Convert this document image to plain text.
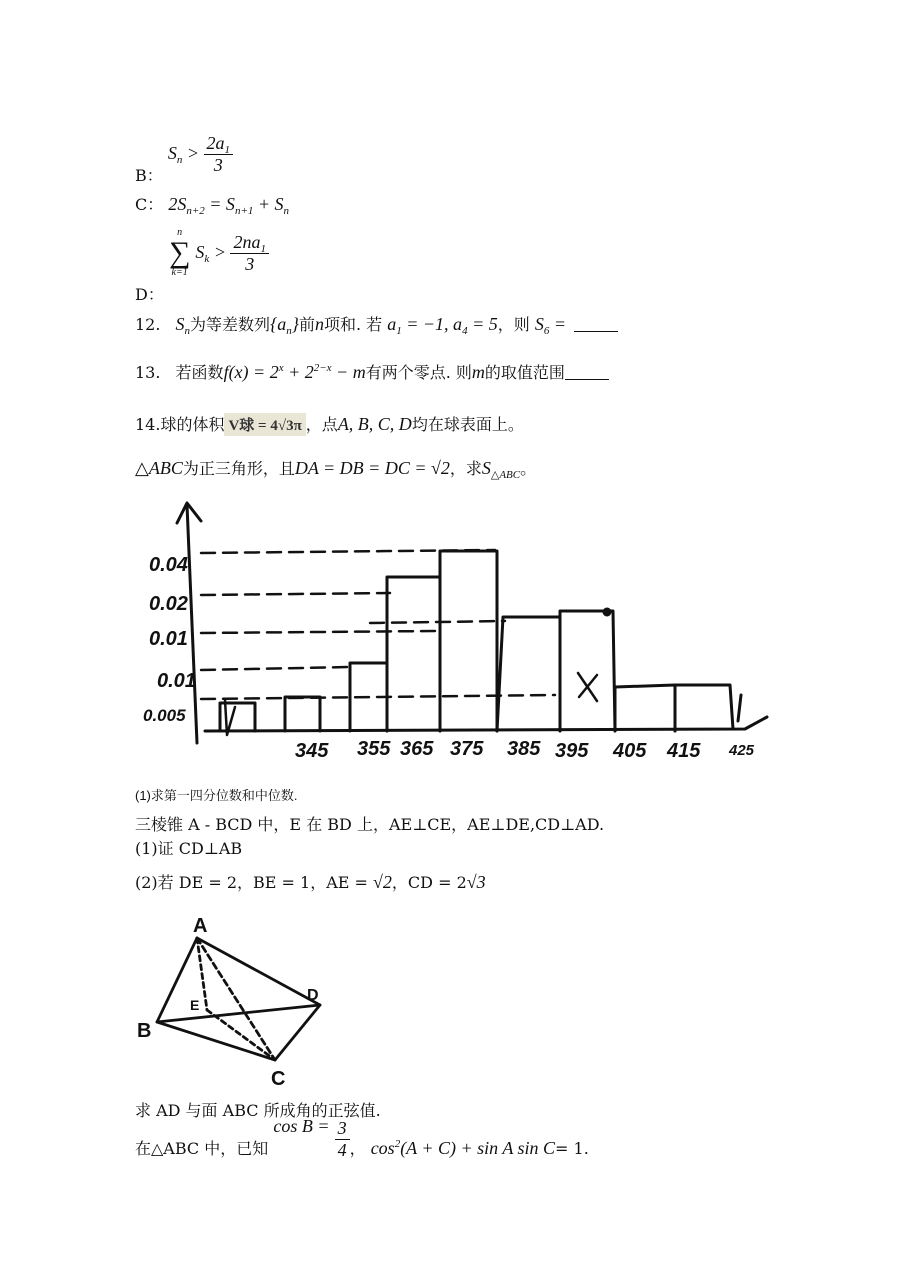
B： $S_n > \frac{2a_1}{3}$
C： $2S_{n+2} = S_{n+1} + S_n$
D： n
∑
k=1 $S_k > \frac{2na_1}{3}$
12. $S_n$为等差数列$\{a_n\}$前n项和. 若 $a_1 = -1$, $a_4 = 5$，则 $S_6$ =
13. 若函数$f(x) = 2^x + 2^{2-x} - m$有两个零点. 则m的取值范围
14.球的体积 V球 = 4√3π ，点A, B, C, D均在球表面上。
△ABC为正三角形，且DA = DB = DC = √2，求$S_{\triangle ABC}$。
0.04
0.02
0.01
0.01
0.005
345 355 365 375 385 395 405 415 425
(1)求第一四分位数和中位数.
三棱锥 A - BCD 中，E 在 BD 上，AE⊥CE，AE⊥DE,CD⊥AD.
(1)证 CD⊥AB
(2)若 DE = 2，BE = 1，AE = √2，CD = 2√3
A
B
C
D
E
求 AD 与面 ABC 所成角的正弦值.
在△ABC 中，已知 $\cos B = \frac{3}{4}$ ， $\cos^2(A + C) + \sin A$ sin C= 1.
